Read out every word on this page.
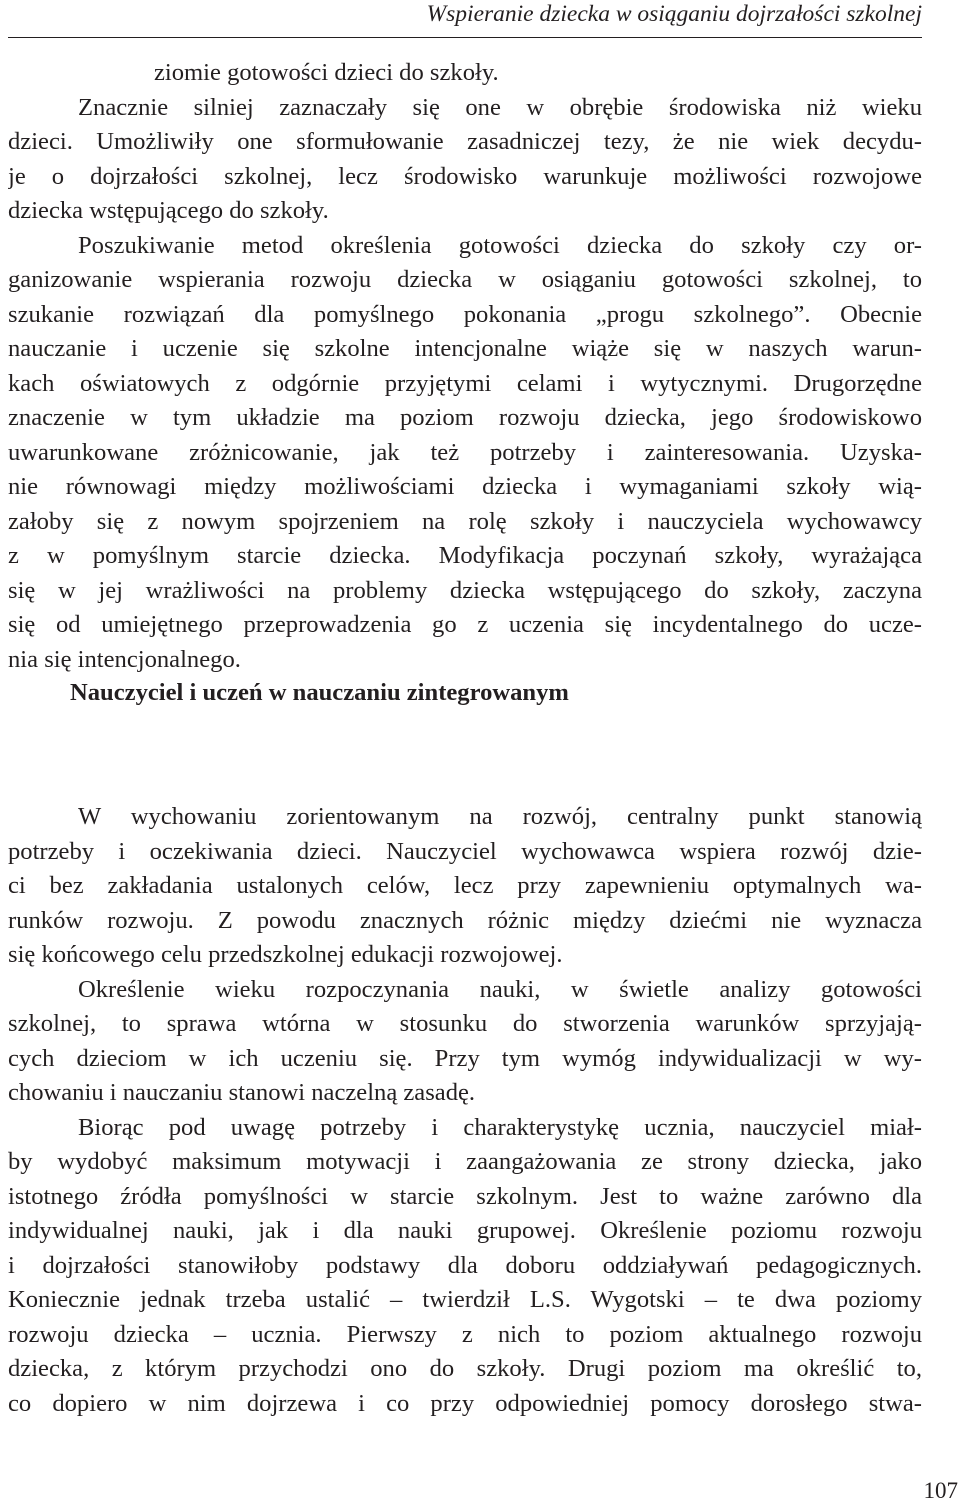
Wspieranie dziecka w osiąganiu dojrzałości szkolnej
ziomie gotowości dzieci do szkoły.
Znacznie silniej zaznaczały się one w obrębie środowiska niż wieku
dzieci. Umożliwiły one sformułowanie zasadniczej tezy, że nie wiek decydu-
je o dojrzałości szkolnej, lecz środowisko warunkuje możliwości rozwojowe
dziecka wstępującego do szkoły.
Poszukiwanie metod określenia gotowości dziecka do szkoły czy or-
ganizowanie wspierania rozwoju dziecka w osiąganiu gotowości szkolnej, to
szukanie rozwiązań dla pomyślnego pokonania „progu szkolnego”. Obecnie
nauczanie i uczenie się szkolne intencjonalne wiąże się w naszych warun-
kach oświatowych z odgórnie przyjętymi celami i wytycznymi. Drugorzędne
znaczenie w tym układzie ma poziom rozwoju dziecka, jego środowiskowo
uwarunkowane zróżnicowanie, jak też potrzeby i zainteresowania. Uzyska-
nie równowagi między możliwościami dziecka i wymaganiami szkoły wią-
załoby się z nowym spojrzeniem na rolę szkoły i nauczyciela wychowawcy
z w pomyślnym starcie dziecka. Modyfikacja poczynań szkoły, wyrażająca
się w jej wrażliwości na problemy dziecka wstępującego do szkoły, zaczyna
się od umiejętnego przeprowadzenia go z uczenia się incydentalnego do ucze-
nia się intencjonalnego.
Nauczyciel i uczeń w nauczaniu zintegrowanym
W wychowaniu zorientowanym na rozwój, centralny punkt stanowią
potrzeby i oczekiwania dzieci. Nauczyciel wychowawca wspiera rozwój dzie-
ci bez zakładania ustalonych celów, lecz przy zapewnieniu optymalnych wa-
runków rozwoju. Z powodu znacznych różnic między dziećmi nie wyznacza
się końcowego celu przedszkolnej edukacji rozwojowej.
Określenie wieku rozpoczynania nauki, w świetle analizy gotowości
szkolnej, to sprawa wtórna w stosunku do stworzenia warunków sprzyjają-
cych dzieciom w ich uczeniu się. Przy tym wymóg indywidualizacji w wy-
chowaniu i nauczaniu stanowi naczelną zasadę.
Biorąc pod uwagę potrzeby i charakterystykę ucznia, nauczyciel miał-
by wydobyć maksimum motywacji i zaangażowania ze strony dziecka, jako
istotnego źródła pomyślności w starcie szkolnym. Jest to ważne zarówno dla
indywidualnej nauki, jak i dla nauki grupowej. Określenie poziomu rozwoju
i dojrzałości stanowiłoby podstawy dla doboru oddziaływań pedagogicznych.
Koniecznie jednak trzeba ustalić – twierdził L.S. Wygotski – te dwa poziomy
rozwoju dziecka – ucznia. Pierwszy z nich to poziom aktualnego rozwoju
dziecka, z którym przychodzi ono do szkoły. Drugi poziom ma określić to,
co dopiero w nim dojrzewa i co przy odpowiedniej pomocy dorosłego stwa-
107
